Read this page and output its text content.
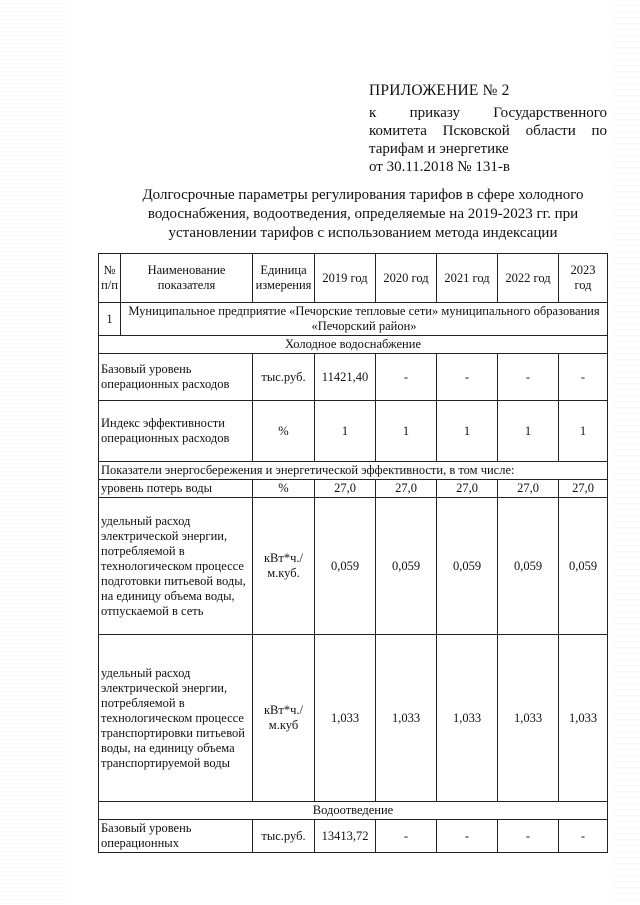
ПРИЛОЖЕНИЕ № 2
к приказу Государственного
комитета Псковской области по
тарифам и энергетике
от 30.11.2018 № 131-в
Долгосрочные параметры регулирования тарифов в сфере холодного водоснабжения, водоотведения, определяемые на 2019-2023 гг. при установлении тарифов с использованием метода индексации
№ п/п	Наименование показателя	Единица измерения	2019 год	2020 год	2021 год	2022 год	2023 год
1	Муниципальное предприятие «Печорские тепловые сети» муниципального образования «Печорский район»						
Холодное водоснабжение							
Базовый уровень операционных расходов		тыс.руб.	11421,40	-	-	-	-
Индекс эффективности операционных расходов		%	1	1	1	1	1
Показатели энергосбережения и энергетической эффективности, в том числе:							
уровень потерь воды		%	27,0	27,0	27,0	27,0	27,0
удельный расход электрической энергии, потребляемой в технологическом процессе подготовки питьевой воды, на единицу объема воды, отпускаемой в сеть		кВт*ч./м.куб.	0,059	0,059	0,059	0,059	0,059
удельный расход электрической энергии, потребляемой в технологическом процессе транспортировки питьевой воды, на единицу объема транспортируемой воды		кВт*ч./м.куб	1,033	1,033	1,033	1,033	1,033
Водоотведение							
Базовый уровень операционных		тыс.руб.	13413,72	-	-	-	-
